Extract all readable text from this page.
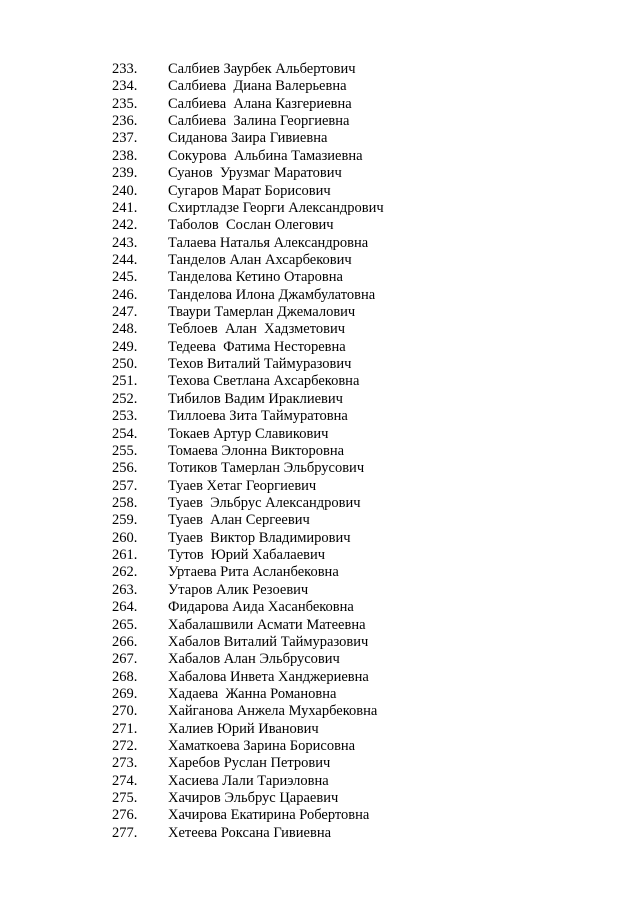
233. Салбиев Заурбек Альбертович
234. Салбиева  Диана Валерьевна
235. Салбиева  Алана Казгериевна
236. Салбиева  Залина Георгиевна
237. Сиданова Заира Гивиевна
238. Сокурова  Альбина Тамазиевна
239. Суанов  Урузмаг Маратович
240. Сугаров Марат Борисович
241. Схиртладзе Георги Александрович
242. Таболов  Сослан Олегович
243. Талаева Наталья Александровна
244. Танделов Алан Ахсарбекович
245. Танделова Кетино Отаровна
246. Танделова Илона Джамбулатовна
247. Тваури Тамерлан Джемалович
248. Теблоев  Алан  Хадзметович
249. Тедеева  Фатима Несторевна
250. Техов Виталий Таймуразович
251. Техова Светлана Ахсарбековна
252. Тибилов Вадим Ираклиевич
253. Тиллоева Зита Таймуратовна
254. Токаев Артур Славикович
255. Томаева Элонна Викторовна
256. Тотиков Тамерлан Эльбрусович
257. Туаев Хетаг Георгиевич
258. Туаев  Эльбрус Александрович
259. Туаев  Алан Сергеевич
260. Туаев  Виктор Владимирович
261. Тутов  Юрий Хабалаевич
262. Уртаева Рита Асланбековна
263. Утаров Алик Резоевич
264. Фидарова Аида Хасанбековна
265. Хабалашвили Асмати Матеевна
266. Хабалов Виталий Таймуразович
267. Хабалов Алан Эльбрусович
268. Хабалова Инвета Ханджериевна
269. Хадаева  Жанна Романовна
270. Хайганова Анжела Мухарбековна
271. Халиев Юрий Иванович
272. Хаматкоева Зарина Борисовна
273. Харебов Руслан Петрович
274. Хасиева Лали Тариэловна
275. Хачиров Эльбрус Цараевич
276. Хачирова Екатирина Робертовна
277. Хетеева Роксана Гивиевна
